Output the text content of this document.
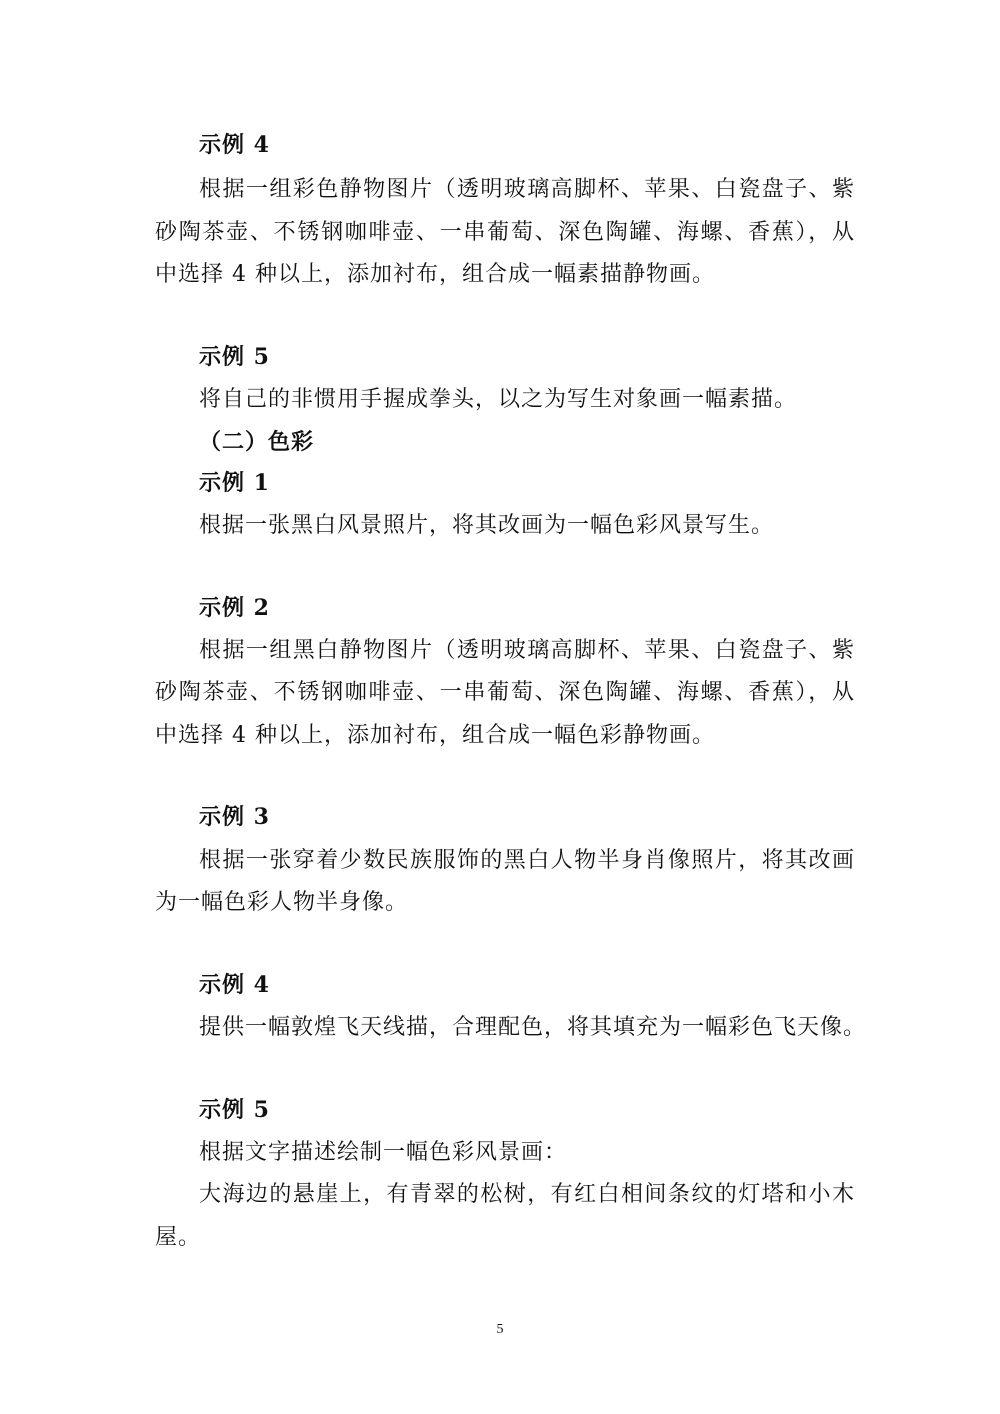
示例 4
根据一组彩色静物图片（透明玻璃高脚杯、苹果、白瓷盘子、紫
砂陶茶壶、不锈钢咖啡壶、一串葡萄、深色陶罐、海螺、香蕉），从
中选择 4 种以上，添加衬布，组合成一幅素描静物画。
示例 5
将自己的非惯用手握成拳头，以之为写生对象画一幅素描。
（二）色彩
示例 1
根据一张黑白风景照片，将其改画为一幅色彩风景写生。
示例 2
根据一组黑白静物图片（透明玻璃高脚杯、苹果、白瓷盘子、紫
砂陶茶壶、不锈钢咖啡壶、一串葡萄、深色陶罐、海螺、香蕉），从
中选择 4 种以上，添加衬布，组合成一幅色彩静物画。
示例 3
根据一张穿着少数民族服饰的黑白人物半身肖像照片，将其改画
为一幅色彩人物半身像。
示例 4
提供一幅敦煌飞天线描，合理配色，将其填充为一幅彩色飞天像。
示例 5
根据文字描述绘制一幅色彩风景画：
大海边的悬崖上，有青翠的松树，有红白相间条纹的灯塔和小木
屋。
5
